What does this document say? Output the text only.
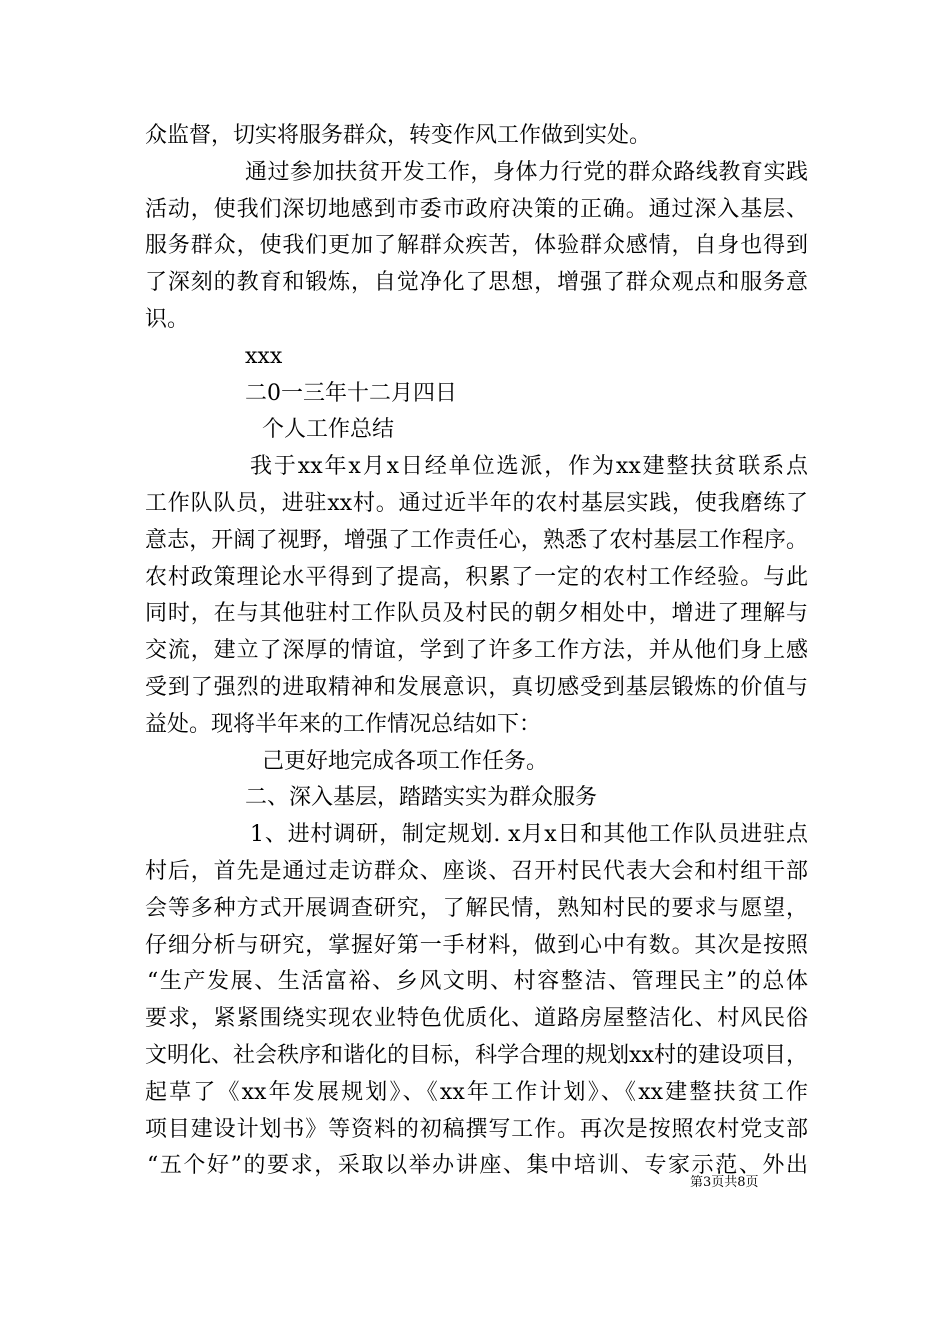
众监督，切实将服务群众，转变作风工作做到实处。
通过参加扶贫开发工作，身体力行党的群众路线教育实践
活动，使我们深切地感到市委市政府决策的正确。通过深入基层、
服务群众，使我们更加了解群众疾苦，体验群众感情，自身也得到
了深刻的教育和锻炼，自觉净化了思想，增强了群众观点和服务意
识。
xxx
二0一三年十二月四日
个人工作总结
我于xx年x月x日经单位选派，作为xx建整扶贫联系点
工作队队员，进驻xx村。通过近半年的农村基层实践，使我磨练了
意志，开阔了视野，增强了工作责任心，熟悉了农村基层工作程序。
农村政策理论水平得到了提高，积累了一定的农村工作经验。与此
同时，在与其他驻村工作队员及村民的朝夕相处中，增进了理解与
交流，建立了深厚的情谊，学到了许多工作方法，并从他们身上感
受到了强烈的进取精神和发展意识，真切感受到基层锻炼的价值与
益处。现将半年来的工作情况总结如下：
己更好地完成各项工作任务。
二、深入基层，踏踏实实为群众服务
1、进村调研，制定规划. x月x日和其他工作队员进驻点
村后，首先是通过走访群众、座谈、召开村民代表大会和村组干部
会等多种方式开展调查研究，了解民情，熟知村民的要求与愿望，
仔细分析与研究，掌握好第一手材料，做到心中有数。其次是按照
“生产发展、生活富裕、乡风文明、村容整洁、管理民主”的总体
要求，紧紧围绕实现农业特色优质化、道路房屋整洁化、村风民俗
文明化、社会秩序和谐化的目标，科学合理的规划xx村的建设项目，
起草了《xx年发展规划》、《xx年工作计划》、《xx建整扶贫工作
项目建设计划书》等资料的初稿撰写工作。再次是按照农村党支部
“五个好”的要求，采取以举办讲座、集中培训、专家示范、外出
第3页共8页
